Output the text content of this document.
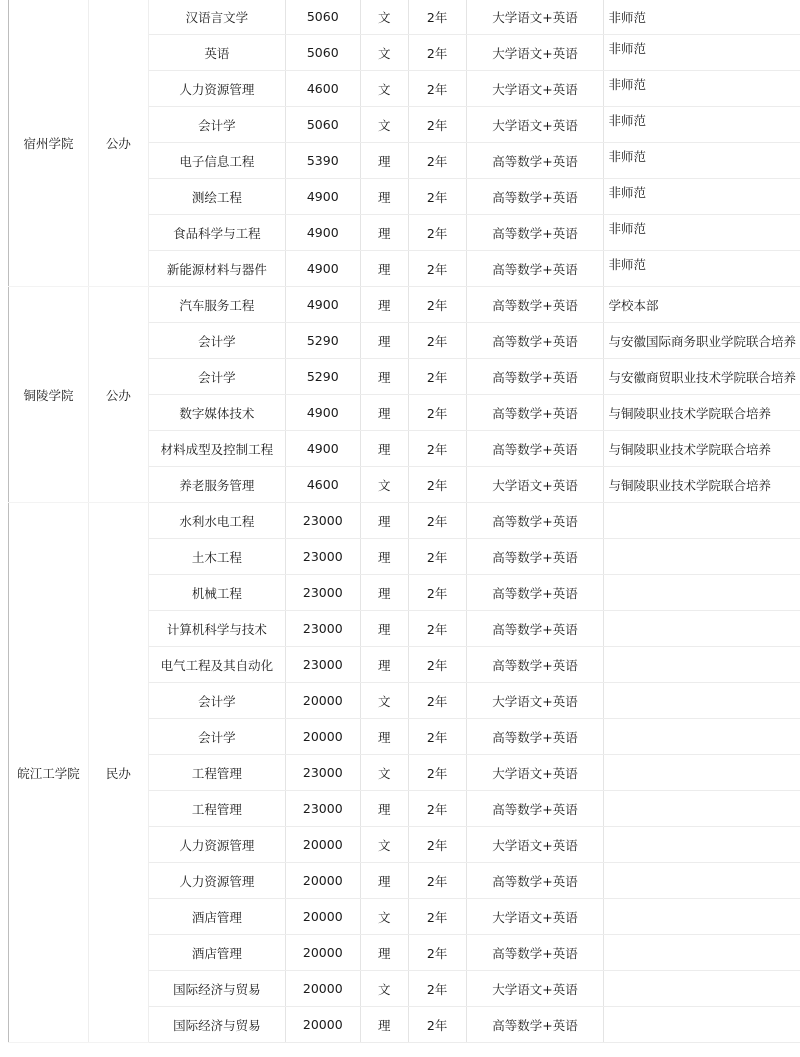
宿州学院	公办	汉语言文学	5060	文	2年	大学语文+英语	非师范
		英语	5060	文	2年	大学语文+英语	非师范
		人力资源管理	4600	文	2年	大学语文+英语	非师范
		会计学	5060	文	2年	大学语文+英语	非师范
		电子信息工程	5390	理	2年	高等数学+英语	非师范
		测绘工程	4900	理	2年	高等数学+英语	非师范
		食品科学与工程	4900	理	2年	高等数学+英语	非师范
		新能源材料与器件	4900	理	2年	高等数学+英语	非师范
铜陵学院	公办	汽车服务工程	4900	理	2年	高等数学+英语	学校本部
		会计学	5290	理	2年	高等数学+英语	与安徽国际商务职业学院联合培养
		会计学	5290	理	2年	高等数学+英语	与安徽商贸职业技术学院联合培养
		数字媒体技术	4900	理	2年	高等数学+英语	与铜陵职业技术学院联合培养
		材料成型及控制工程	4900	理	2年	高等数学+英语	与铜陵职业技术学院联合培养
		养老服务管理	4600	文	2年	大学语文+英语	与铜陵职业技术学院联合培养
皖江工学院	民办	水利水电工程	23000	理	2年	高等数学+英语	
		土木工程	23000	理	2年	高等数学+英语	
		机械工程	23000	理	2年	高等数学+英语	
		计算机科学与技术	23000	理	2年	高等数学+英语	
		电气工程及其自动化	23000	理	2年	高等数学+英语	
		会计学	20000	文	2年	大学语文+英语	
		会计学	20000	理	2年	高等数学+英语	
		工程管理	23000	文	2年	大学语文+英语	
		工程管理	23000	理	2年	高等数学+英语	
		人力资源管理	20000	文	2年	大学语文+英语	
		人力资源管理	20000	理	2年	高等数学+英语	
		酒店管理	20000	文	2年	大学语文+英语	
		酒店管理	20000	理	2年	高等数学+英语	
		国际经济与贸易	20000	文	2年	大学语文+英语	
		国际经济与贸易	20000	理	2年	高等数学+英语	
